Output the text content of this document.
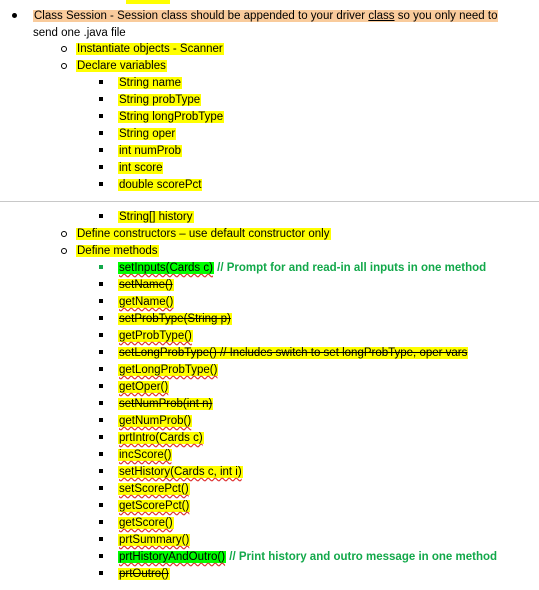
Class Session - Session class should be appended to your driver class so you only need to
send one .java file
Instantiate objects - Scanner
Declare variables
String name
String probType
String longProbType
String oper
int numProb
int score
double scorePct
String[] history
Define constructors – use default constructor only
Define methods
setInputs(Cards c) // Prompt for and read-in all inputs in one method
setName()
getName()
setProbType(String p)
getProbType()
setLongProbType() // Includes switch to set longProbType, oper vars
getLongProbType()
getOper()
setNumProb(int n)
getNumProb()
prtIntro(Cards c)
incScore()
setHistory(Cards c, int i)
setScorePct()
getScorePct()
getScore()
prtSummary()
prtHistoryAndOutro() // Print history and outro message in one method
prtOutro()
